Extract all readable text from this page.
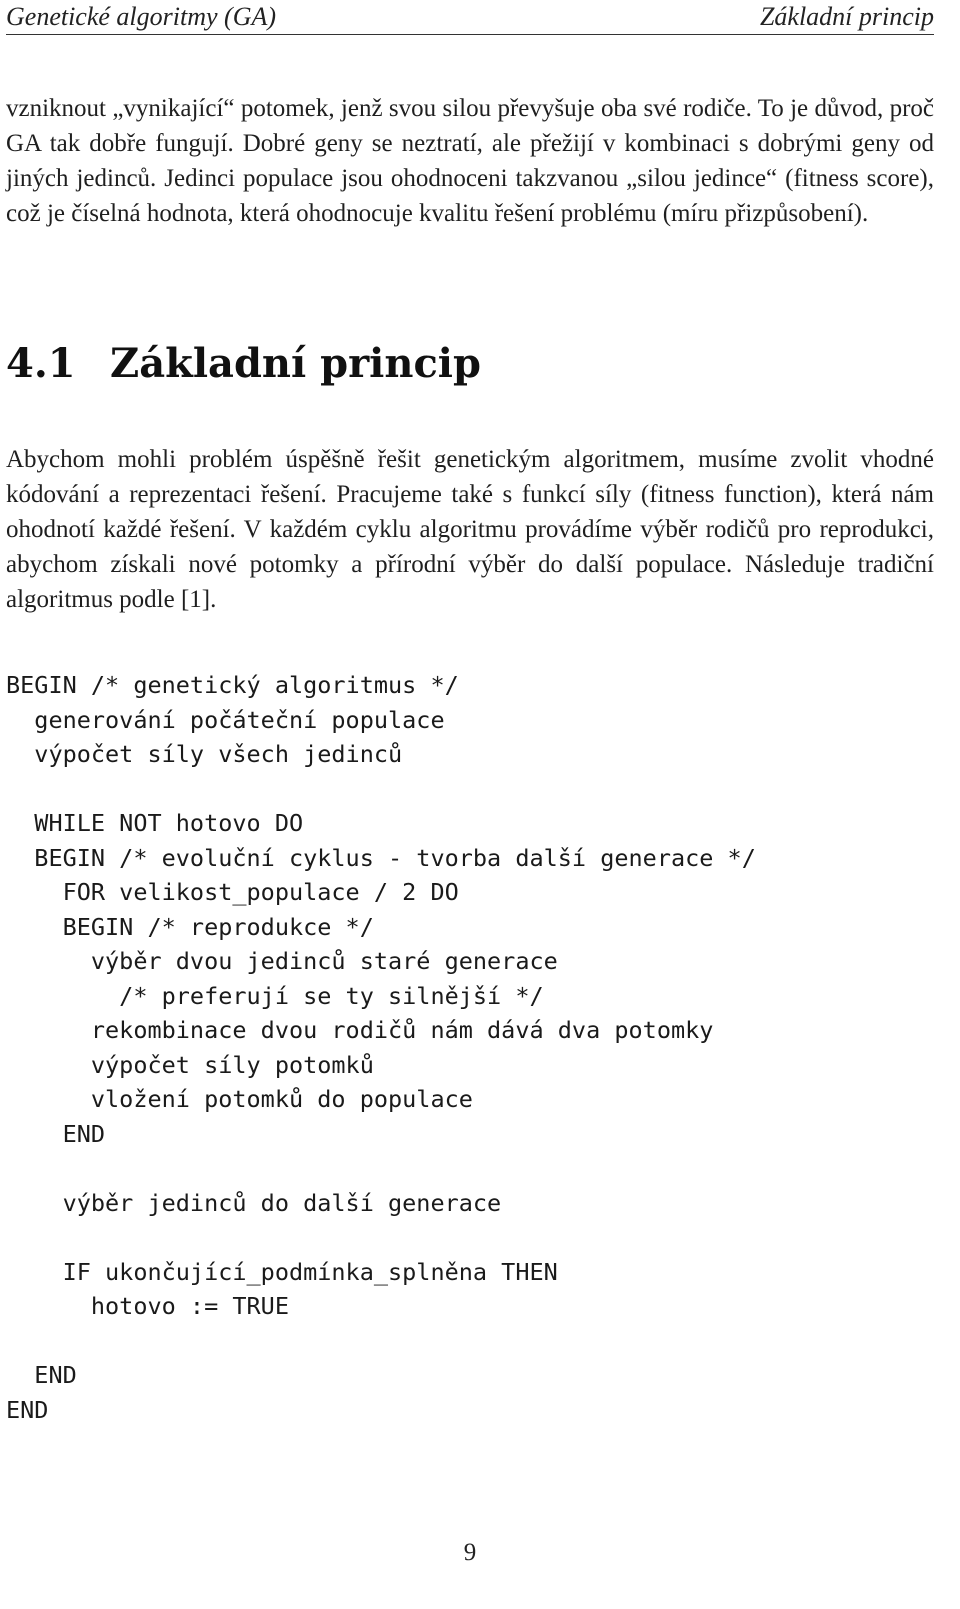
Genetické algoritmy (GA)	Základní princip

vzniknout „vynikající“ potomek, jenž svou silou převyšuje oba své rodiče. To je důvod, proč GA tak dobře fungují. Dobré geny se neztratí, ale přežijí v kombinaci s dobrými geny od jiných jedinců. Jedinci populace jsou ohodnoceni takzvanou „silou jedince“ (fitness score), což je číselná hodnota, která ohodnocuje kvalitu řešení problému (míru přizpůsobení).

4.1 Základní princip

Abychom mohli problém úspěšně řešit genetickým algoritmem, musíme zvolit vhodné kódování a reprezentaci řešení. Pracujeme také s funkcí síly (fitness function), která nám ohodnotí každé řešení. V každém cyklu algoritmu provádíme výběr rodičů pro reprodukci, abychom získali nové potomky a přírodní výběr do další populace. Následuje tradiční algoritmus podle [1].

BEGIN /* genetický algoritmus */
generování počáteční populace
výpočet síly všech jedinců
WHILE NOT hotovo DO
BEGIN /* evoluční cyklus - tvorba další generace */
FOR velikost_populace / 2 DO
BEGIN /* reprodukce */
výběr dvou jedinců staré generace
/* preferují se ty silnější */
rekombinace dvou rodičů nám dává dva potomky
výpočet síly potomků
vložení potomků do populace
END
výběr jedinců do další generace
IF ukončující_podmínka_splněna THEN
hotovo := TRUE
END
END
9
